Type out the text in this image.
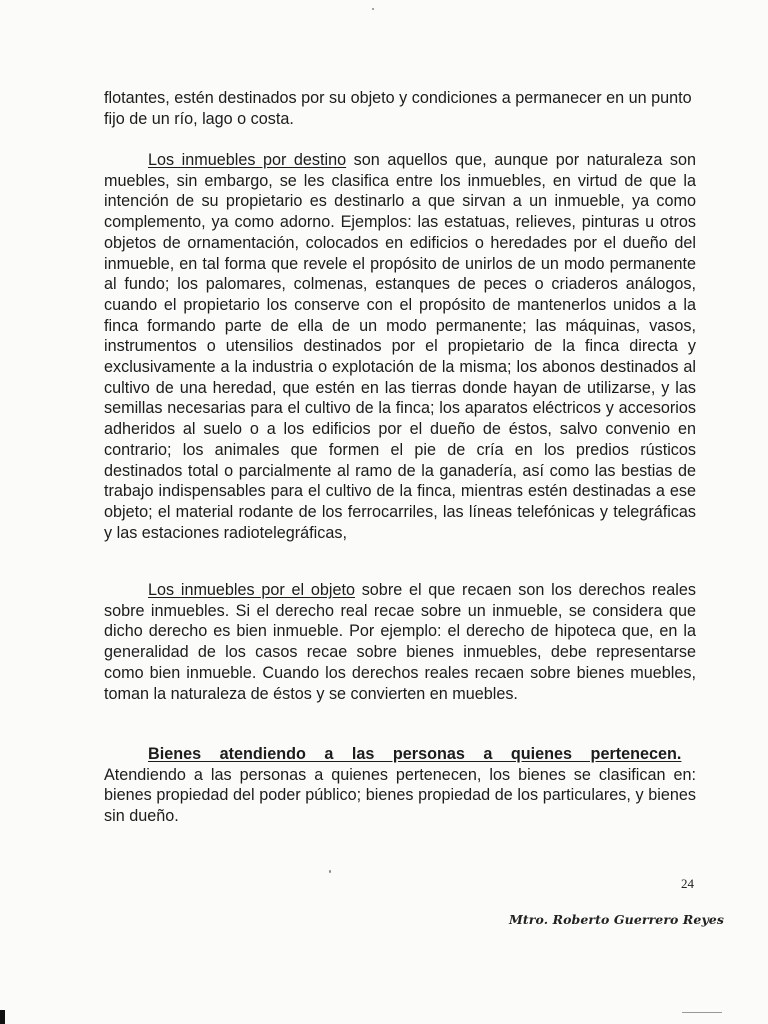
flotantes, estén destinados por su objeto y condiciones a permanecer en un punto fijo de un río, lago o costa.

Los inmuebles por destino son aquellos que, aunque por naturaleza son muebles, sin embargo, se les clasifica entre los inmuebles, en virtud de que la intención de su propietario es destinarlo a que sirvan a un inmueble, ya como complemento, ya como adorno. Ejemplos: las estatuas, relieves, pinturas u otros objetos de ornamentación, colocados en edificios o heredades por el dueño del inmueble, en tal forma que revele el propósito de unirlos de un modo permanente al fundo; los palomares, colmenas, estanques de peces o criaderos análogos, cuando el propietario los conserve con el propósito de mantenerlos unidos a la finca formando parte de ella de un modo permanente; las máquinas, vasos, instrumentos o utensilios destinados por el propietario de la finca directa y exclusivamente a la industria o explotación de la misma; los abonos destinados al cultivo de una heredad, que estén en las tierras donde hayan de utilizarse, y las semillas necesarias para el cultivo de la finca; los aparatos eléctricos y accesorios adheridos al suelo o a los edificios por el dueño de éstos, salvo convenio en contrario; los animales que formen el pie de cría en los predios rústicos destinados total o parcialmente al ramo de la ganadería, así como las bestias de trabajo indispensables para el cultivo de la finca, mientras estén destinadas a ese objeto; el material rodante de los ferrocarriles, las líneas telefónicas y telegráficas y las estaciones radiotelegráficas,

Los inmuebles por el objeto sobre el que recaen son los derechos reales sobre inmuebles. Si el derecho real recae sobre un inmueble, se considera que dicho derecho es bien inmueble. Por ejemplo: el derecho de hipoteca que, en la generalidad de los casos recae sobre bienes inmuebles, debe representarse como bien inmueble. Cuando los derechos reales recaen sobre bienes muebles, toman la naturaleza de éstos y se convierten en muebles.

Bienes atendiendo a las personas a quienes pertenecen.

Atendiendo a las personas a quienes pertenecen, los bienes se clasifican en: bienes propiedad del poder público; bienes propiedad de los particulares, y bienes sin dueño.

24
Mtro. Roberto Guerrero Reyes
